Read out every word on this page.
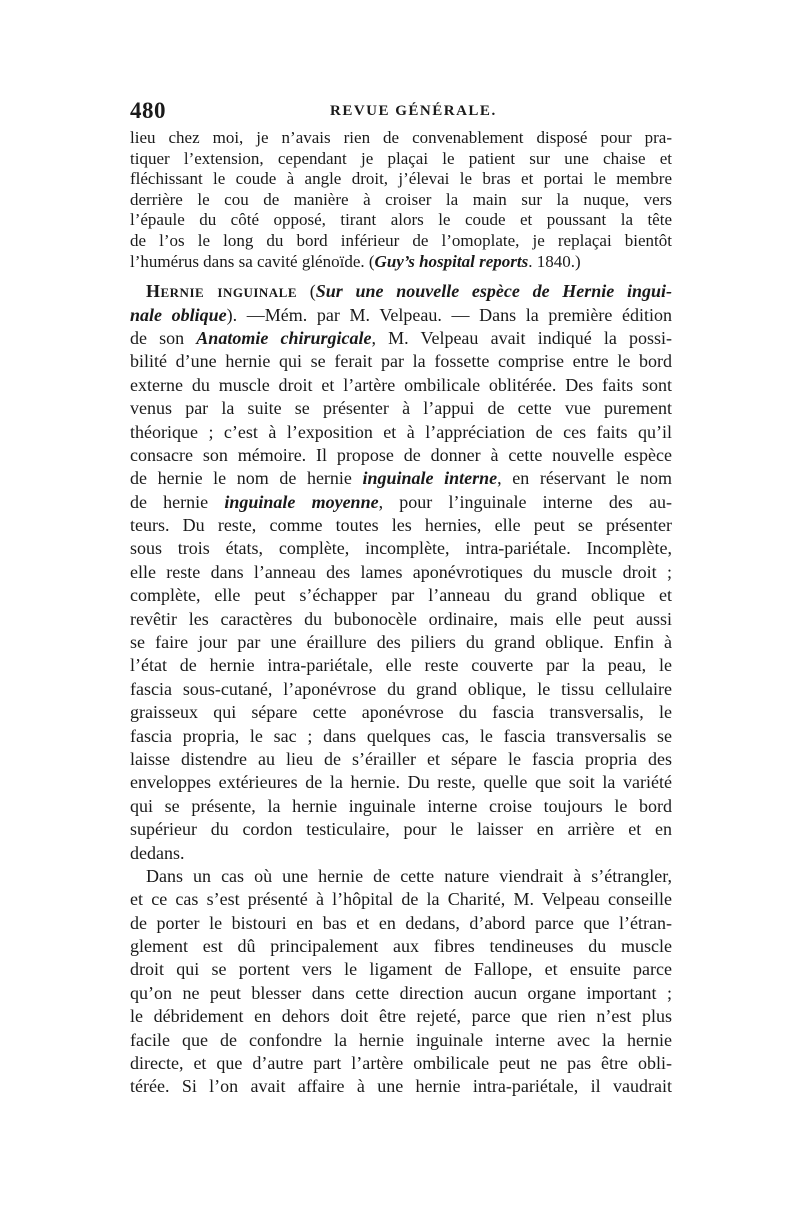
480	REVUE GÉNÉRALE.
lieu chez moi, je n’avais rien de convenablement disposé pour pra-
tiquer l’extension, cependant je plaçai le patient sur une chaise et
fléchissant le coude à angle droit, j’élevai le bras et portai le membre
derrière le cou de manière à croiser la main sur la nuque, vers
l’épaule du côté opposé, tirant alors le coude et poussant la tête
de l’os le long du bord inférieur de l’omoplate, je replaçai bientôt
l’humérus dans sa cavité glénoïde. (Guy’s hospital reports. 1840.)
Hernie inguinale (Sur une nouvelle espèce de Hernie ingui-
nale oblique). —Mém. par M. Velpeau. — Dans la première édition
de son Anatomie chirurgicale, M. Velpeau avait indiqué la possi-
bilité d’une hernie qui se ferait par la fossette comprise entre le bord
externe du muscle droit et l’artère ombilicale oblitérée. Des faits sont
venus par la suite se présenter à l’appui de cette vue purement
théorique ; c’est à l’exposition et à l’appréciation de ces faits qu’il
consacre son mémoire. Il propose de donner à cette nouvelle espèce
de hernie le nom de hernie inguinale interne, en réservant le nom
de hernie inguinale moyenne, pour l’inguinale interne des au-
teurs. Du reste, comme toutes les hernies, elle peut se présenter
sous trois états, complète, incomplète, intra-pariétale. Incomplète,
elle reste dans l’anneau des lames aponévrotiques du muscle droit ;
complète, elle peut s’échapper par l’anneau du grand oblique et
revêtir les caractères du bubonocèle ordinaire, mais elle peut aussi
se faire jour par une éraillure des piliers du grand oblique. Enfin à
l’état de hernie intra-pariétale, elle reste couverte par la peau, le
fascia sous-cutané, l’aponévrose du grand oblique, le tissu cellulaire
graisseux qui sépare cette aponévrose du fascia transversalis, le
fascia propria, le sac ; dans quelques cas, le fascia transversalis se
laisse distendre au lieu de s’érailler et sépare le fascia propria des
enveloppes extérieures de la hernie. Du reste, quelle que soit la variété
qui se présente, la hernie inguinale interne croise toujours le bord
supérieur du cordon testiculaire, pour le laisser en arrière et en
dedans.
Dans un cas où une hernie de cette nature viendrait à s’étrangler,
et ce cas s’est présenté à l’hôpital de la Charité, M. Velpeau conseille
de porter le bistouri en bas et en dedans, d’abord parce que l’étran-
glement est dû principalement aux fibres tendineuses du muscle
droit qui se portent vers le ligament de Fallope, et ensuite parce
qu’on ne peut blesser dans cette direction aucun organe important ;
le débridement en dehors doit être rejeté, parce que rien n’est plus
facile que de confondre la hernie inguinale interne avec la hernie
directe, et que d’autre part l’artère ombilicale peut ne pas être obli-
térée. Si l’on avait affaire à une hernie intra-pariétale, il vaudrait
